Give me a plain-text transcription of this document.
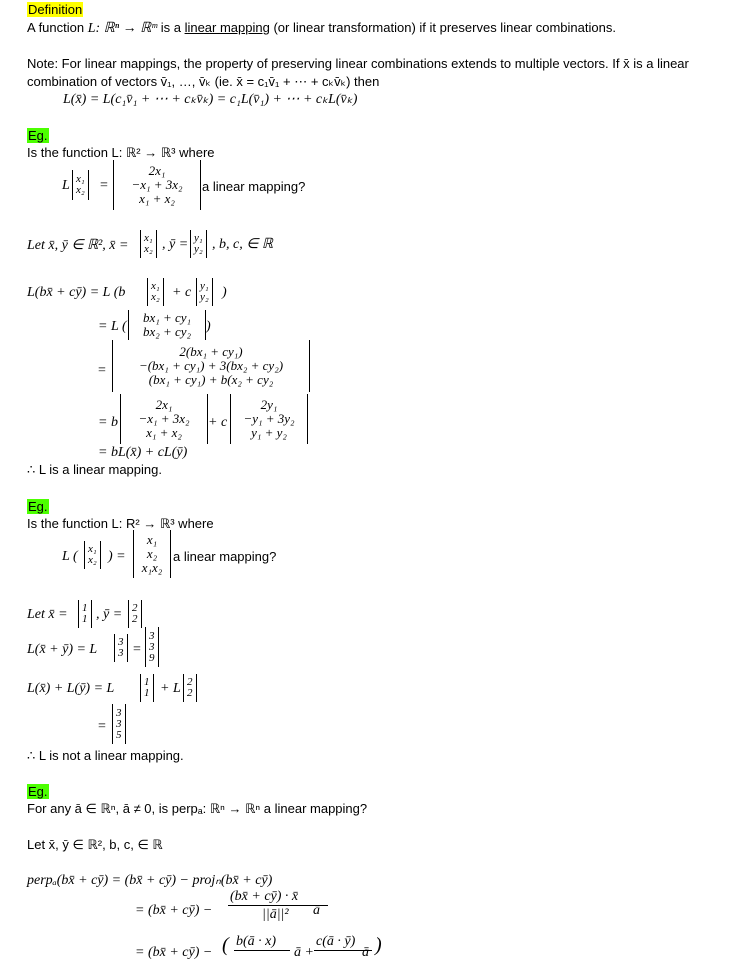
Definition
A function L: ℝⁿ → ℝᵐ is a linear mapping (or linear transformation) if it preserves linear combinations.
Note: For linear mappings, the property of preserving linear combinations extends to multiple vectors. If x̄ is a linear
combination of vectors v̄₁, …, v̄ₖ (ie. x̄ = c₁v̄₁ + ⋯ + cₖv̄ₖ) then
L(x̄) = L(c₁v̄₁ + ⋯ + cₖv̄ₖ) = c₁L(v̄₁) + ⋯ + cₖL(v̄ₖ)
Eg.
Is the function L: ℝ² → ℝ³ where
L x₁
x₂ =
2x₁
−x₁ + 3x₂
x₁ + x₂
a linear mapping?
Let x̄, ȳ ∈ ℝ², x̄ = x₁
x₂ , ȳ = y₁
y₂ , b, c, ∈ ℝ
L(bx̄ + cȳ) = L (b x₁
x₂ + c y₁
y₂ )
= L (
bx₁ + cy₁
bx₂ + cy₂	)
=
2(bx₁ + cy₁)
−(bx₁ + cy₁) + 3(bx₂ + cy₂)
(bx₁ + cy₁) + b(x₂ + cy₂
= b
2x₁
−x₁ + 3x₂
x₁ + x₂
+ c
2y₁
−y₁ + 3y₂
y₁ + y₂
= bL(x̄) + cL(ȳ)
∴ L is a linear mapping.
Eg.
Is the function L: R² → ℝ³ where
L ( x₁
x₂ ) =
x₁
x₂
x₁x₂
a linear mapping?
Let x̄ = 1
1 , ȳ = 2
2
L(x̄ + ȳ) = L 3
3 =
3
3
9
L(x̄) + L(ȳ) = L	1
1 + L 2
2
=
3
3
5
∴ L is not a linear mapping.
Eg.
For any ā ∈ ℝⁿ, ā ≠ 0, is perpₐ: ℝⁿ → ℝⁿ a linear mapping?
Let x̄, ȳ ∈ ℝ², b, c, ∈ ℝ
perpₐ(bx̄ + cȳ) = (bx̄ + cȳ) − projₙ(bx̄ + cȳ)
= (bx̄ + cȳ) −
(bx̄ + cȳ) · x̄
||ā||² ā
= (bx̄ + cȳ) − ( b(ā · x)
ā +
c(ā · ȳ)
ā )
